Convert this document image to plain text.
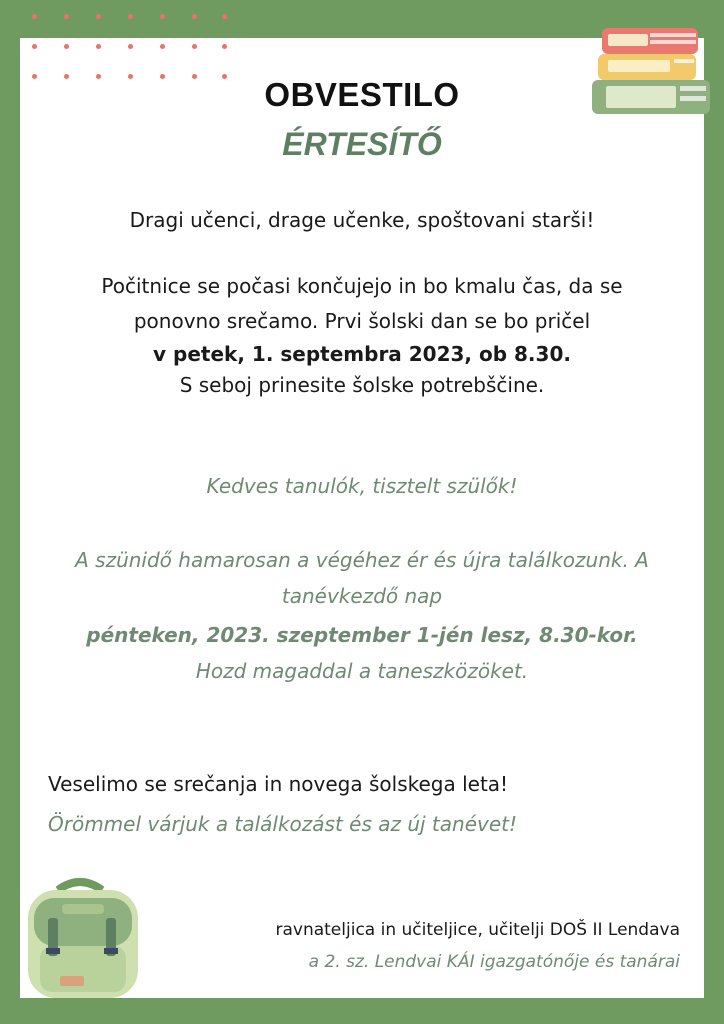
OBVESTILO
ÉRTESÍTŐ
Dragi učenci, drage učenke, spoštovani starši!
Počitnice se počasi končujejo in bo kmalu čas, da se
ponovno srečamo. Prvi šolski dan se bo pričel
v petek, 1. septembra 2023, ob 8.30.
S seboj prinesite šolske potrebščine.
Kedves tanulók, tisztelt szülők!
A szünidő hamarosan a végéhez ér és újra találkozunk. A
tanévkezdő nap
pénteken, 2023. szeptember 1-jén lesz, 8.30-kor.
Hozd magaddal a taneszközöket.
Veselimo se srečanja in novega šolskega leta!
Örömmel várjuk a találkozást és az új tanévet!
ravnateljica in učiteljice, učitelji DOŠ II Lendava
a 2. sz. Lendvai KÁI igazgatónője és tanárai
